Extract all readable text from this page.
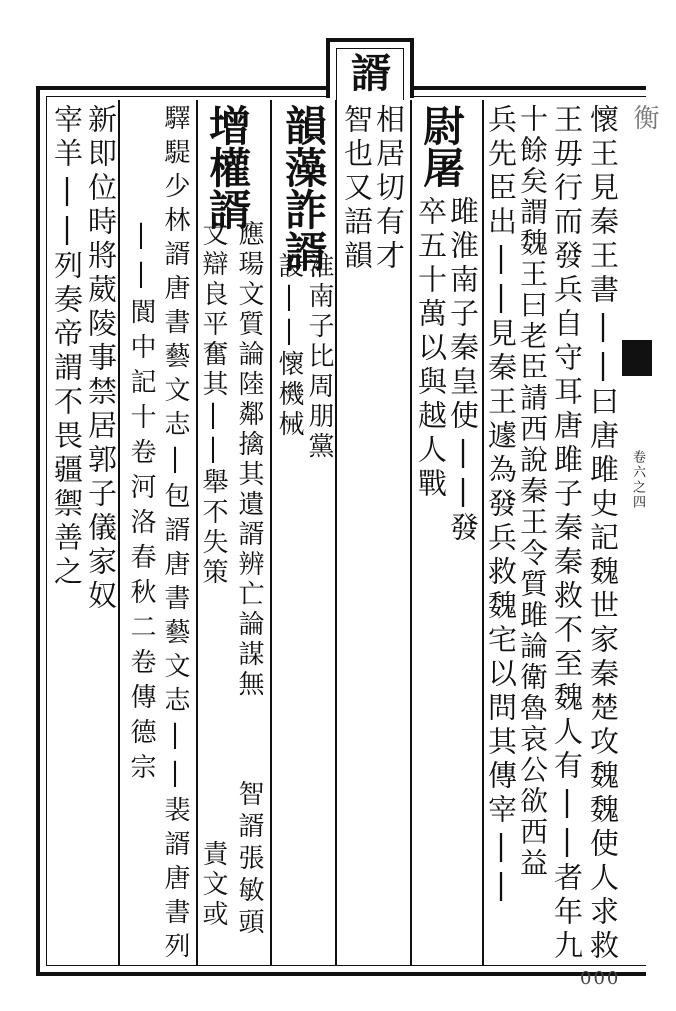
諝
衡
卷六之四
懷王見秦王書||曰唐雎史記魏世家秦楚攻魏魏使人求救
王毋行而發兵自守耳唐雎子秦秦救不至魏人有||者年九
十餘矣謂魏王曰老臣請西說秦王令質雎論衛魯哀公欲西益
兵先臣出||見秦王遽為發兵救魏宅以問其傳宰||
尉屠
雎淮南子秦皇使||發
卒五十萬以與越人戰
相居切有才
智也又語韻
韻藻詐諝
淮南子比周朋黨
設||懷機械
增權諝
應瑒文質論陸鄰擒其遺諝辨亡論謀無
文辯良平奮其||舉不失策
智諝張敏頭
責文或
驛騠少林諝唐書藝文志|包諝唐書藝文志||裴諝唐書列
||閬中記十卷河洛春秋二卷傳德宗
新即位時將葳陵事禁居郭子儀家奴
宰羊||列奏帝謂不畏疆禦善之
000
